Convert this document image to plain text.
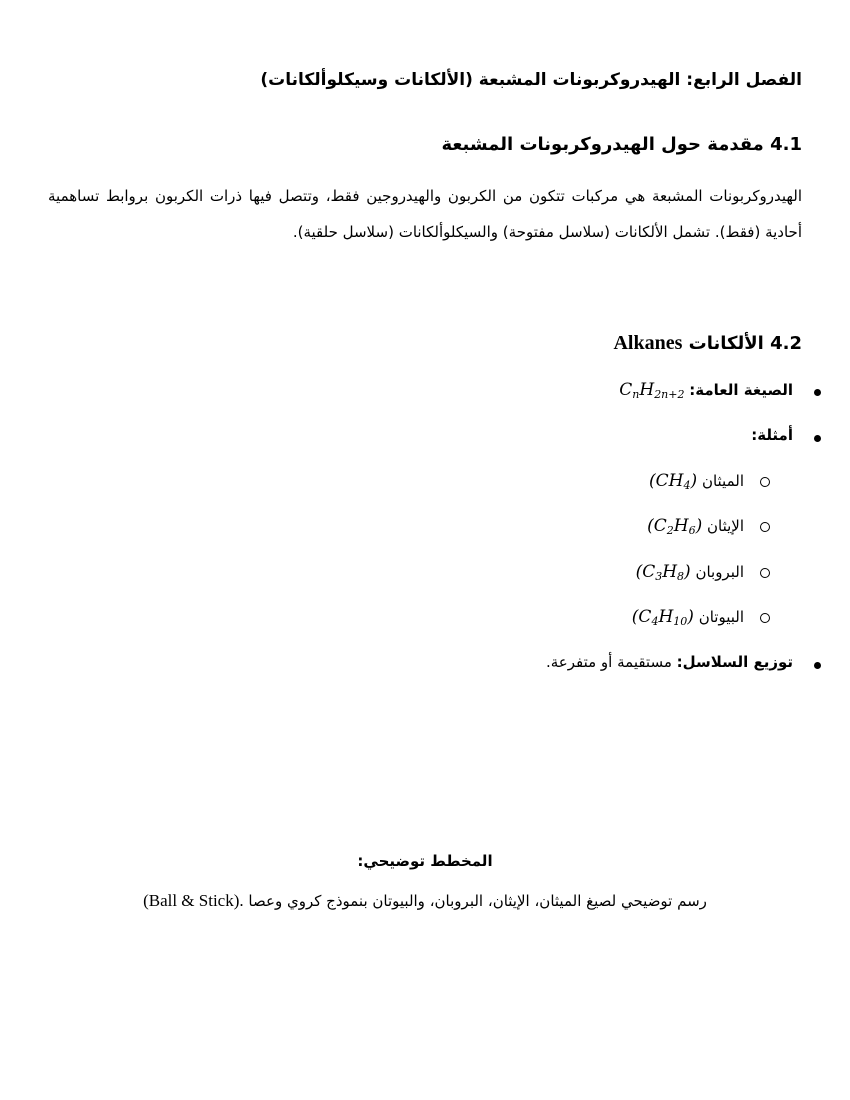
الفصل الرابع: الهيدروكربونات المشبعة (الألكانات وسيكلوألكانات)
4.1 مقدمة حول الهيدروكربونات المشبعة
الهيدروكربونات المشبعة هي مركبات تتكون من الكربون والهيدروجين فقط، وتتصل فيها ذرات الكربون بروابط تساهمية أحادية (فقط). تشمل الألكانات (سلاسل مفتوحة) والسيكلوألكانات (سلاسل حلقية).
4.2 الألكانات Alkanes
الصيغة العامة: $C_nH_{2n+2}$
أمثلة:
الميثان $(CH_4)$
الإيثان $(C_2H_6)$
البروبان $(C_3H_8)$
البيوتان $(C_4H_{10})$
توزيع السلاسل: مستقيمة أو متفرعة.
المخطط توضيحي:
رسم توضيحي لصيغ الميثان، الإيثان، البروبان، والبيوتان بنموذج كروي وعصا (Ball & Stick).
